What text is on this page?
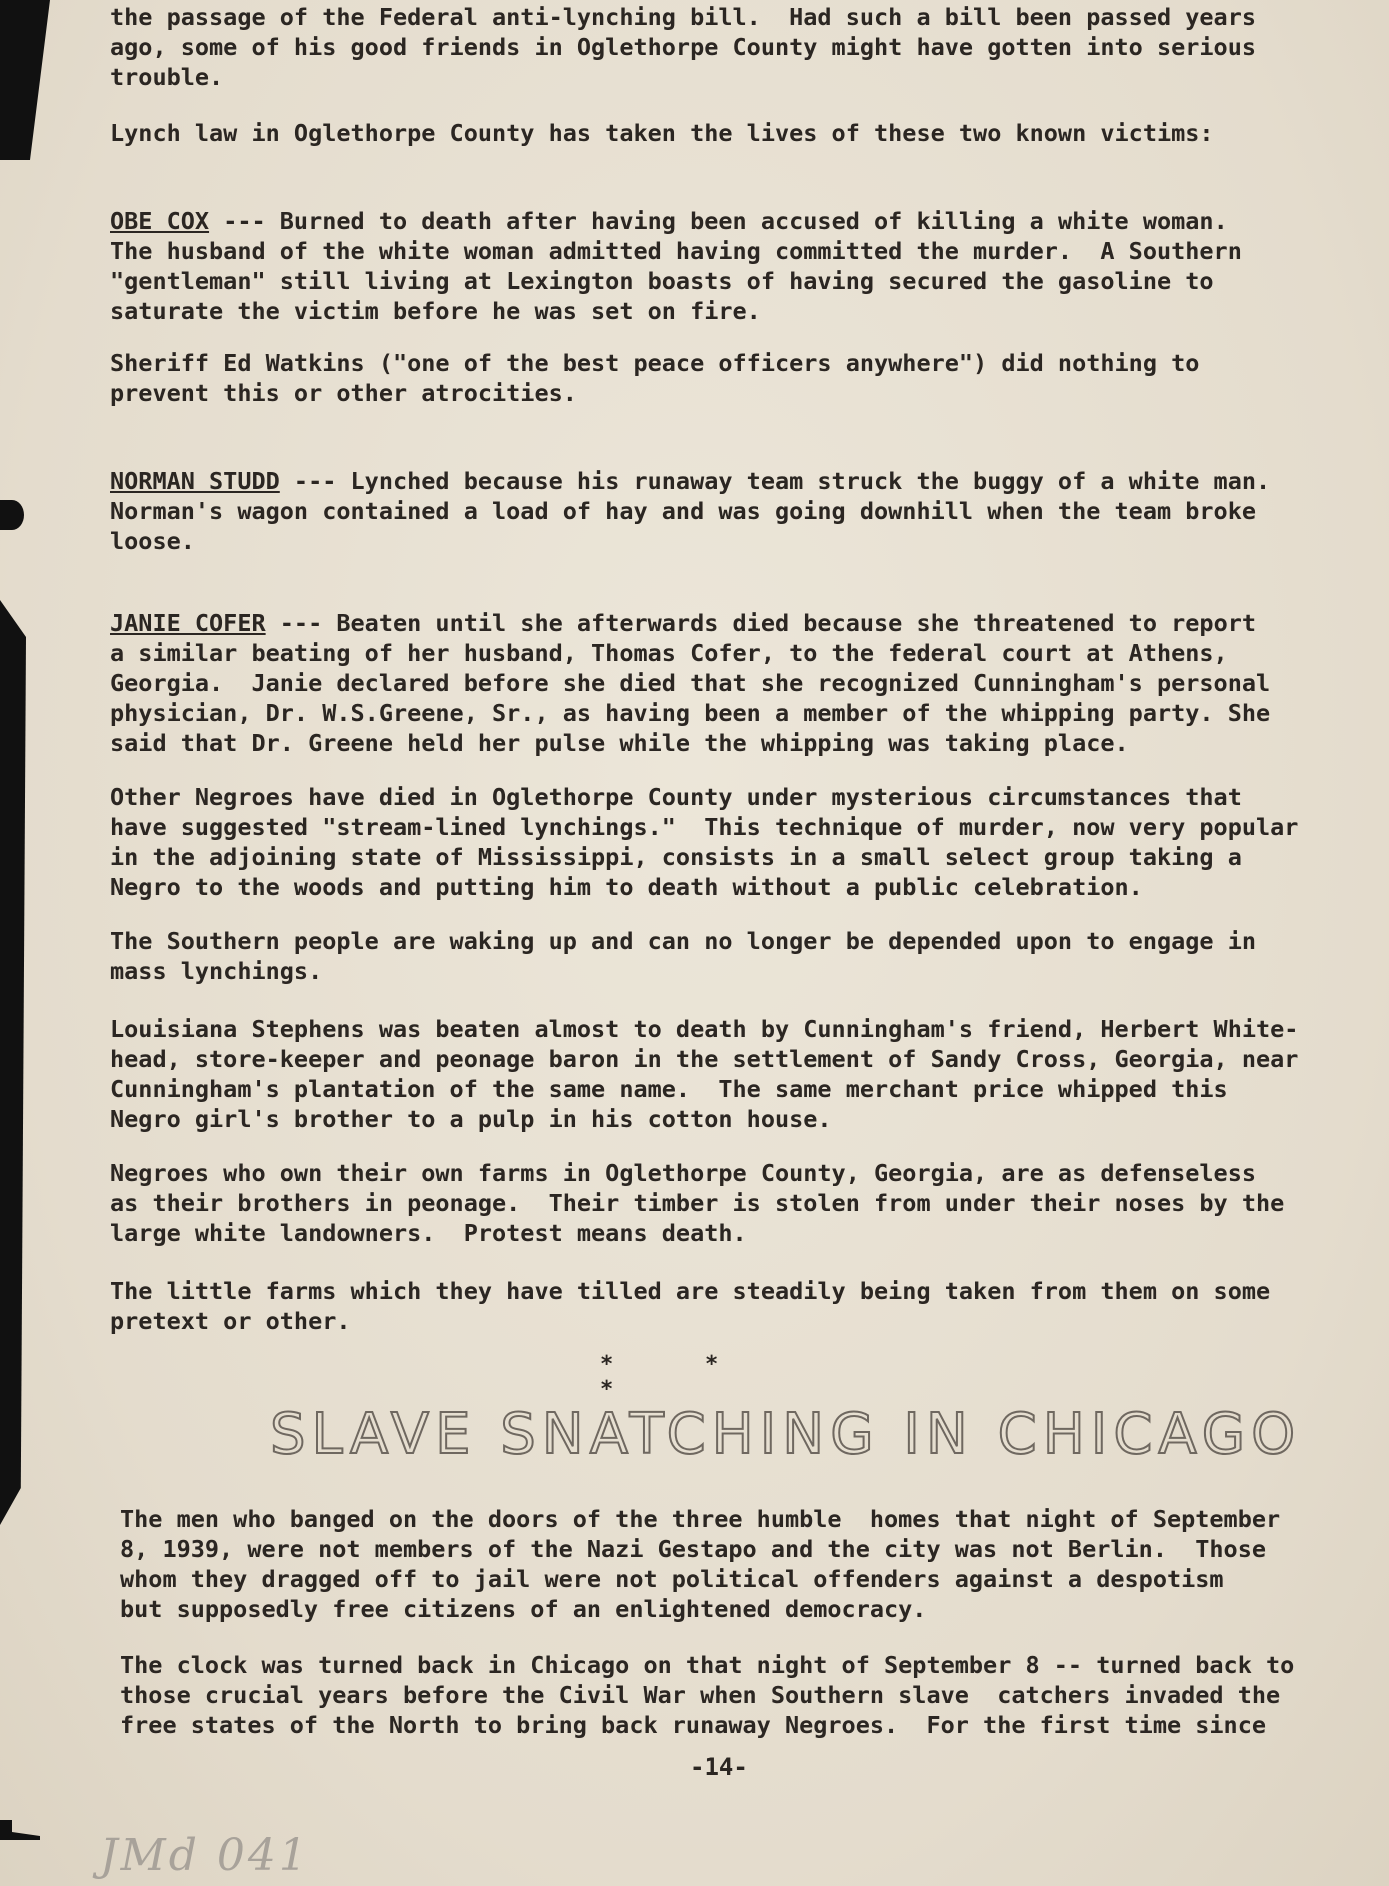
the passage of the Federal anti-lynching bill.  Had such a bill been passed years
ago, some of his good friends in Oglethorpe County might have gotten into serious
trouble.

Lynch law in Oglethorpe County has taken the lives of these two known victims:

OBE COX --- Burned to death after having been accused of killing a white woman.
The husband of the white woman admitted having committed the murder.  A Southern
"gentleman" still living at Lexington boasts of having secured the gasoline to
saturate the victim before he was set on fire.

Sheriff Ed Watkins ("one of the best peace officers anywhere") did nothing to
prevent this or other atrocities.

NORMAN STUDD --- Lynched because his runaway team struck the buggy of a white man.
Norman's wagon contained a load of hay and was going downhill when the team broke
loose.

JANIE COFER --- Beaten until she afterwards died because she threatened to report
a similar beating of her husband, Thomas Cofer, to the federal court at Athens,
Georgia.  Janie declared before she died that she recognized Cunningham's personal
physician, Dr. W.S.Greene, Sr., as having been a member of the whipping party. She
said that Dr. Greene held her pulse while the whipping was taking place.

Other Negroes have died in Oglethorpe County under mysterious circumstances that
have suggested "stream-lined lynchings."  This technique of murder, now very popular
in the adjoining state of Mississippi, consists in a small select group taking a
Negro to the woods and putting him to death without a public celebration.

The Southern people are waking up and can no longer be depended upon to engage in
mass lynchings.

Louisiana Stephens was beaten almost to death by Cunningham's friend, Herbert White-
head, store-keeper and peonage baron in the settlement of Sandy Cross, Georgia, near
Cunningham's plantation of the same name.  The same merchant price whipped this
Negro girl's brother to a pulp in his cotton house.

Negroes who own their own farms in Oglethorpe County, Georgia, are as defenseless
as their brothers in peonage.  Their timber is stolen from under their noses by the
large white landowners.  Protest means death.

The little farms which they have tilled are steadily being taken from them on some
pretext or other.

*	**
SLAVE SNATCHING IN CHICAGO

The men who banged on the doors of the three humble  homes that night of September
8, 1939, were not members of the Nazi Gestapo and the city was not Berlin.  Those
whom they dragged off to jail were not political offenders against a despotism
but supposedly free citizens of an enlightened democracy.

The clock was turned back in Chicago on that night of September 8 -- turned back to
those crucial years before the Civil War when Southern slave  catchers invaded the
free states of the North to bring back runaway Negroes.  For the first time since

-14-
JMd 041
